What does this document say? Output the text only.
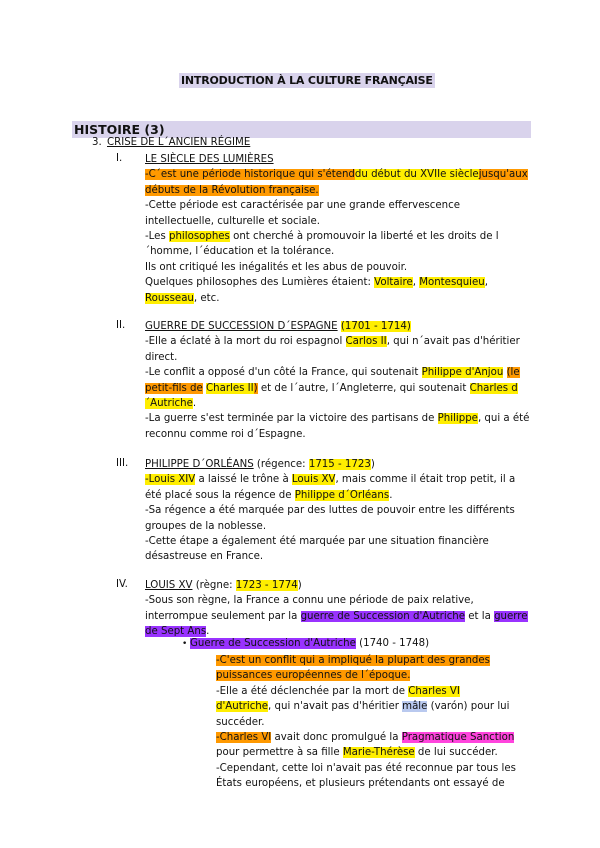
INTRODUCTION À LA CULTURE FRANÇAISE
HISTOIRE (3)
3. CRISE DE L´ANCIEN RÉGIME
I. LE SIÈCLE DES LUMIÈRES

-C´est une période historique qui s'étenddu début du XVIIe sièclejusqu'aux
débuts de la Révolution française.

-Cette période est caractérisée par une grande effervescence intellectuelle, culturelle et sociale.

-Les philosophes ont cherché à promouvoir la liberté et les droits de l´homme, l´éducation et la tolérance.

Ils ont critiqué les inégalités et les abus de pouvoir.

Quelques philosophes des Lumières étaient: Voltaire, Montesquieu,
Rousseau, etc.

II. GUERRE DE SUCCESSION D´ESPAGNE (1701 - 1714)

-Elle a éclaté à la mort du roi espagnol Carlos II, qui n´avait pas d'héritier direct.

-Le conflit a opposé d'un côté la France, qui soutenait Philippe d'Anjou (le petit-fils de Charles II) et de l´autre, l´Angleterre, qui soutenait Charles d´Autriche.

-La guerre s'est terminée par la victoire des partisans de Philippe, qui a été reconnu comme roi d´Espagne.

III. PHILIPPE D´ORLÉANS (régence: 1715 - 1723)

-Louis XIV a laissé le trône à Louis XV, mais comme il était trop petit, il a été placé sous la régence de Philippe d´Orléans.

-Sa régence a été marquée par des luttes de pouvoir entre les différents groupes de la noblesse.

-Cette étape a également été marquée par une situation financière désastreuse en France.

IV. LOUIS XV (règne: 1723 - 1774)

-Sous son règne, la France a connu une période de paix relative, interrompue seulement par la guerre de Succession d'Autriche et la guerre de Sept Ans.

• Guerre de Succession d'Autriche (1740 - 1748)

-C'est un conflit qui a impliqué la plupart des grandes puissances européennes de l´époque.

-Elle a été déclenchée par la mort de Charles VI d'Autriche, qui n'avait pas d'héritier mâle (varón) pour lui succéder.

-Charles VI avait donc promulgué la Pragmatique Sanction pour permettre à sa fille Marie-Thérèse de lui succéder.

-Cependant, cette loi n'avait pas été reconnue par tous les États européens, et plusieurs prétendants ont essayé de
